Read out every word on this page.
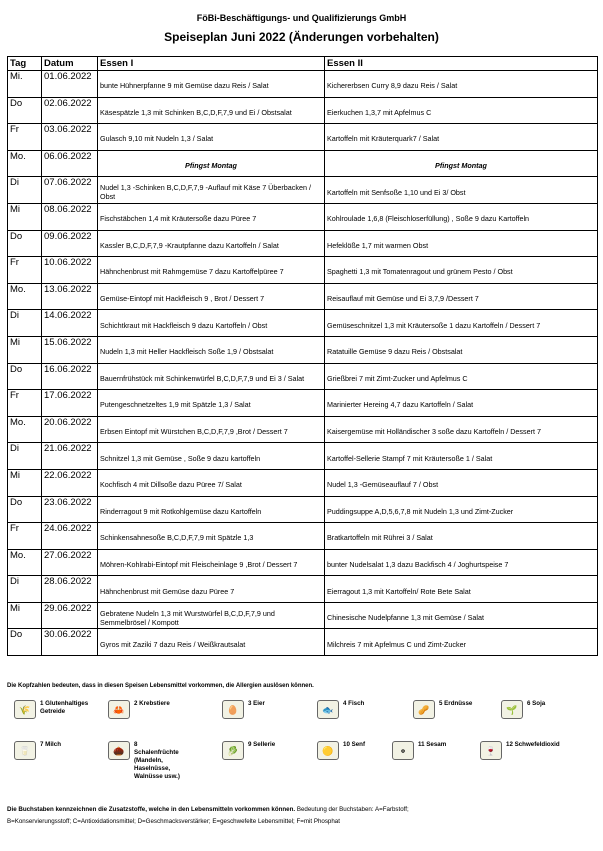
FöBi-Beschäftigungs- und Qualifizierungs GmbH
Speiseplan Juni 2022 (Änderungen vorbehalten)
Tag	Datum	Essen I	Essen II
Mi.	01.06.2022	bunte Hühnerpfanne 9 mit Gemüse dazu Reis / Salat	Kichererbsen Curry 8,9 dazu Reis / Salat
Do	02.06.2022	Käsespätzle 1,3 mit Schinken B,C,D,F,7,9 und Ei / Obstsalat	Eierkuchen 1,3,7 mit Apfelmus C
Fr	03.06.2022	Gulasch 9,10 mit Nudeln 1,3 / Salat	Kartoffeln mit Kräuterquark7 / Salat
Mo.	06.06.2022	Pfingst Montag	Pfingst Montag
Di	07.06.2022	Nudel 1,3 -Schinken B,C,D,F,7,9 -Auflauf mit Käse 7 Überbacken / Obst	Kartoffeln mit Senfsoße 1,10 und Ei 3/ Obst
Mi	08.06.2022	Fischstäbchen 1,4 mit Kräutersoße dazu Püree 7	Kohlroulade 1,6,8 (Fleischloserfüllung) , Soße 9 dazu Kartoffeln
Do	09.06.2022	Kassler B,C,D,F,7,9 -Krautpfanne dazu Kartoffeln / Salat	Hefeklöße 1,7 mit warmen Obst
Fr	10.06.2022	Hähnchenbrust mit Rahmgemüse 7 dazu Kartoffelpüree 7	Spaghetti 1,3 mit Tomatenragout und grünem Pesto / Obst
Mo.	13.06.2022	Gemüse-Eintopf mit Hackfleisch 9 , Brot / Dessert 7	Reisauflauf mit Gemüse und Ei 3,7,9 /Dessert 7
Di	14.06.2022	Schichtkraut mit Hackfleisch 9 dazu Kartoffeln / Obst	Gemüseschnitzel 1,3 mit Kräutersoße 1 dazu Kartoffeln / Dessert 7
Mi	15.06.2022	Nudeln 1,3 mit Heller Hackfleisch Soße 1,9 / Obstsalat	Ratatuille Gemüse 9 dazu Reis / Obstsalat
Do	16.06.2022	Bauernfrühstück mit Schinkenwürfel B,C,D,F,7,9 und Ei 3 / Salat	Grießbrei 7 mit Zimt-Zucker und Apfelmus C
Fr	17.06.2022	Putengeschnetzeltes 1,9 mit Spätzle 1,3 / Salat	Marinierter Hereing 4,7 dazu Kartoffeln / Salat
Mo.	20.06.2022	Erbsen Eintopf mit Würstchen B,C,D,F,7,9 ,Brot / Dessert 7	Kaisergemüse mit Holländischer 3 soße dazu Kartoffeln / Dessert 7
Di	21.06.2022	Schnitzel 1,3 mit Gemüse , Soße 9 dazu kartoffeln	Kartoffel-Sellerie Stampf 7 mit Kräutersoße 1 / Salat
Mi	22.06.2022	Kochfisch 4 mit Dillsoße dazu Püree 7/ Salat	Nudel 1,3 -Gemüseauflauf 7 / Obst
Do	23.06.2022	Rinderragout 9 mit Rotkohlgemüse dazu Kartoffeln	Puddingsuppe A,D,5,6,7,8 mit Nudeln 1,3 und Zimt-Zucker
Fr	24.06.2022	Schinkensahnesoße B,C,D,F,7,9 mit Spätzle 1,3	Bratkartoffeln mit Rührei 3 / Salat
Mo.	27.06.2022	Möhren-Kohlrabi-Eintopf mit Fleischeinlage 9 ,Brot / Dessert 7	bunter Nudelsalat 1,3 dazu Backfisch 4 / Joghurtspeise 7
Di	28.06.2022	Hähnchenbrust mit Gemüse dazu Püree 7	Eierragout 1,3 mit Kartoffeln/ Rote Bete Salat
Mi	29.06.2022	Gebratene Nudeln 1,3 mit Wurstwürfel B,C,D,F,7,9 und Semmelbrösel / Kompott	Chinesische Nudelpfanne 1,3 mit Gemüse / Salat
Do	30.06.2022	Gyros mit Zaziki 7 dazu Reis / Weißkrautsalat	Milchreis 7 mit Apfelmus C und Zimt-Zucker
Die Kopfzahlen bedeuten, dass in diesen Speisen Lebensmittel vorkommen, die Allergien auslösen können.
🌾
1 Glutenhaltiges Getreide	🦀
2 Krebstiere
🥚
3 Eier
🐟
4 Fisch
🥜
5 Erdnüsse
🌱
6 Soja
🥛
7 Milch
🌰
8 Schalenfrüchte (Mandeln, Haselnüsse, Walnüsse usw.)
🥬
9 Sellerie
🟡
10 Senf
⚬
11 Sesam
🍷
12 Schwefeldioxid
Die Buchstaben kennzeichnen die Zusatzstoffe, welche in den Lebensmitteln vorkommen können. Bedeutung der Buchstaben: A=Farbstoff;
B=Konservierungsstoff; C=Antioxidationsmittel; D=Geschmacksverstärker; E=geschwefelte Lebensmittel; F=mit Phosphat
